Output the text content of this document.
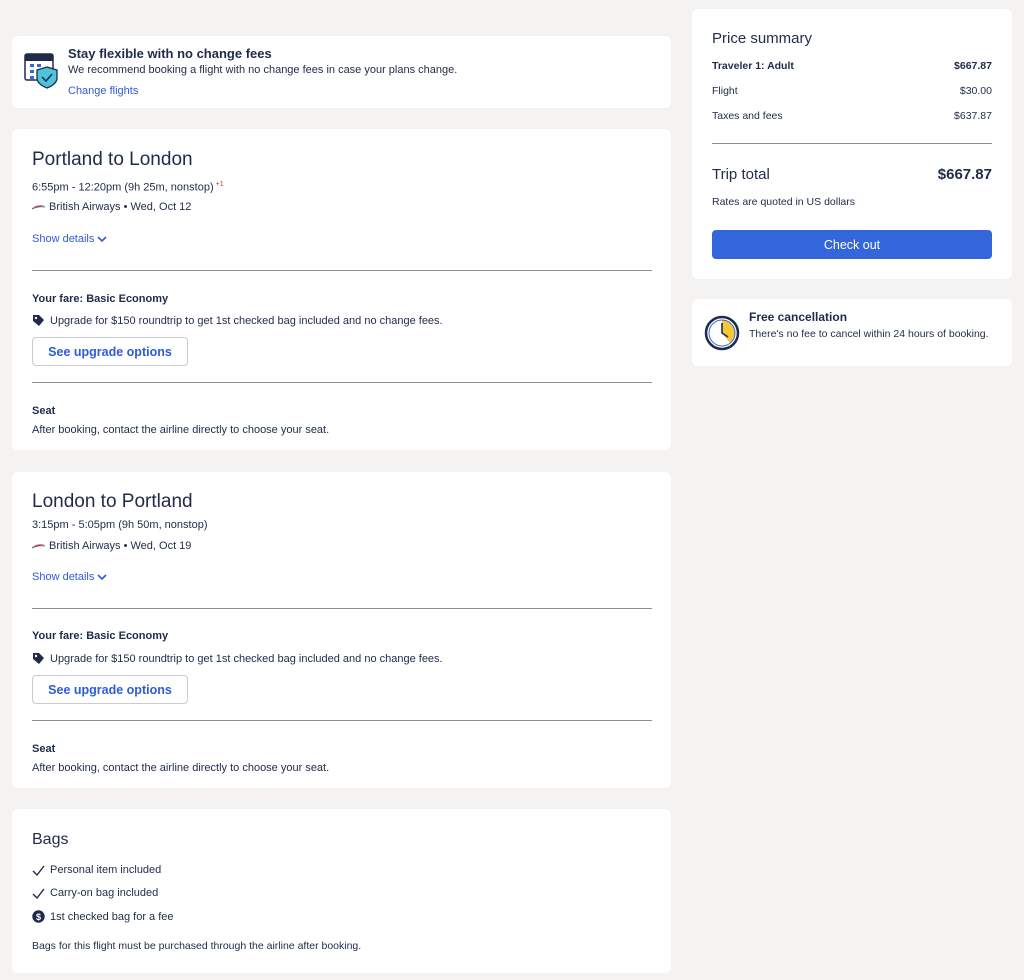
Stay flexible with no change fees
We recommend booking a flight with no change fees in case your plans change.
Change flights
Portland to London
6:55pm - 12:20pm (9h 25m, nonstop) $^{+1}$
British Airways • Wed, Oct 12
Show details
Your fare: Basic Economy
Upgrade for $150 roundtrip to get 1st checked bag included and no change fees.
See upgrade options
Seat
After booking, contact the airline directly to choose your seat.
London to Portland
3:15pm - 5:05pm (9h 50m, nonstop)
British Airways • Wed, Oct 19
Show details
Your fare: Basic Economy
Upgrade for $150 roundtrip to get 1st checked bag included and no change fees.
See upgrade options
Seat
After booking, contact the airline directly to choose your seat.
Bags
Personal item included
Carry-on bag included
$ 1st checked bag for a fee
Bags for this flight must be purchased through the airline after booking.
Price summary
Traveler 1: Adult	$667.87
Flight	$30.00
Taxes and fees	$637.87
Trip total	$667.87
Rates are quoted in US dollars
Check out
Free cancellation
There's no fee to cancel within 24 hours of booking.
